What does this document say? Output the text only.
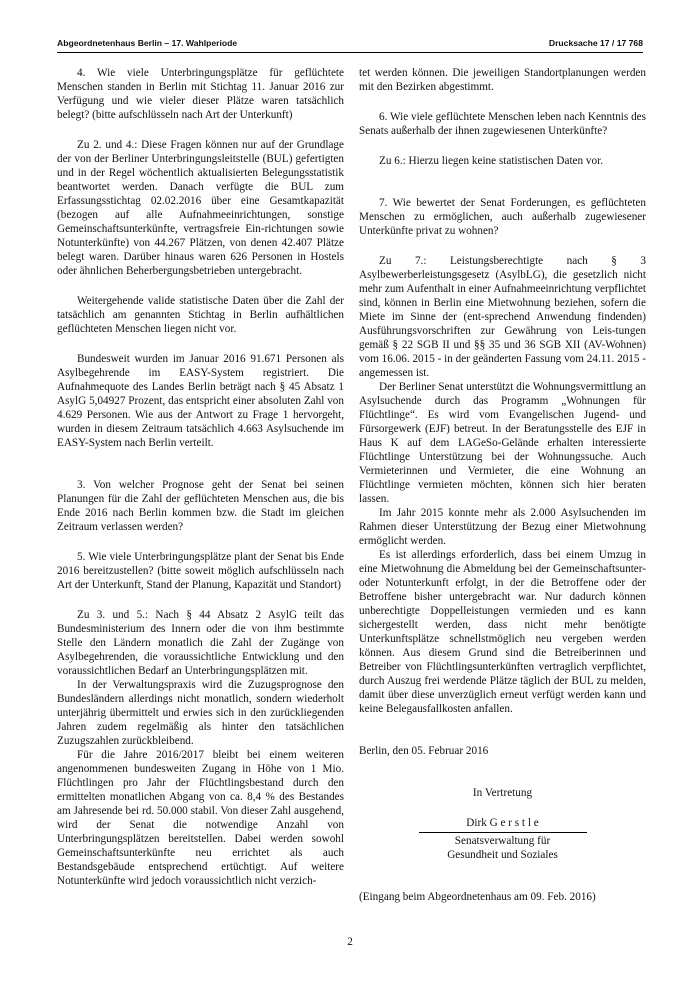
Abgeordnetenhaus Berlin – 17. Wahlperiode	Drucksache 17 / 17 768

4. Wie viele Unterbringungsplätze für geflüchtete Menschen standen in Berlin mit Stichtag 11. Januar 2016 zur Verfügung und wie vieler dieser Plätze waren tatsächlich belegt? (bitte aufschlüsseln nach Art der Unterkunft)

Zu 2. und 4.: Diese Fragen können nur auf der Grundlage der von der Berliner Unterbringungsleitstelle (BUL) gefertigten und in der Regel wöchentlich aktualisierten Belegungsstatistik beantwortet werden. Danach verfügte die BUL zum Erfassungsstichtag 02.02.2016 über eine Gesamtkapazität (bezogen auf alle Aufnahmeeinrichtungen, sonstige Gemeinschaftsunterkünfte, vertragsfreie Ein-richtungen sowie Notunterkünfte) von 44.267 Plätzen, von denen 42.407 Plätze belegt waren. Darüber hinaus waren 626 Personen in Hostels oder ähnlichen Beherbergungsbetrieben untergebracht.

Weitergehende valide statistische Daten über die Zahl der tatsächlich am genannten Stichtag in Berlin aufhältlichen geflüchteten Menschen liegen nicht vor.

Bundesweit wurden im Januar 2016 91.671 Personen als Asylbegehrende im EASY-System registriert. Die Aufnahmequote des Landes Berlin beträgt nach § 45 Absatz 1 AsylG 5,04927 Prozent, das entspricht einer absoluten Zahl von 4.629 Personen. Wie aus der Antwort zu Frage 1 hervorgeht, wurden in diesem Zeitraum tatsächlich 4.663 Asylsuchende im EASY-System nach Berlin verteilt.

3. Von welcher Prognose geht der Senat bei seinen Planungen für die Zahl der geflüchteten Menschen aus, die bis Ende 2016 nach Berlin kommen bzw. die Stadt im gleichen Zeitraum verlassen werden?

5. Wie viele Unterbringungsplätze plant der Senat bis Ende 2016 bereitzustellen? (bitte soweit möglich aufschlüsseln nach Art der Unterkunft, Stand der Planung, Kapazität und Standort)

Zu 3. und 5.: Nach § 44 Absatz 2 AsylG teilt das Bundesministerium des Innern oder die von ihm bestimmte Stelle den Ländern monatlich die Zahl der Zugänge von Asylbegehrenden, die voraussichtliche Entwicklung und den voraussichtlichen Bedarf an Unterbringungsplätzen mit.

In der Verwaltungspraxis wird die Zuzugsprognose den Bundesländern allerdings nicht monatlich, sondern wiederholt unterjährig übermittelt und erwies sich in den zurückliegenden Jahren zudem regelmäßig als hinter den tatsächlichen Zuzugszahlen zurückbleibend.

Für die Jahre 2016/2017 bleibt bei einem weiteren angenommenen bundesweiten Zugang in Höhe von 1 Mio. Flüchtlingen pro Jahr der Flüchtlingsbestand durch den ermittelten monatlichen Abgang von ca. 8,4 % des Bestandes am Jahresende bei rd. 50.000 stabil. Von dieser Zahl ausgehend, wird der Senat die notwendige Anzahl von Unterbringungsplätzen bereitstellen. Dabei werden sowohl Gemeinschaftsunterkünfte neu errichtet als auch Bestandsgebäude entsprechend ertüchtigt. Auf weitere Notunterkünfte wird jedoch voraussichtlich nicht verzich-

tet werden können. Die jeweiligen Standortplanungen werden mit den Bezirken abgestimmt.

6. Wie viele geflüchtete Menschen leben nach Kenntnis des Senats außerhalb der ihnen zugewiesenen Unterkünfte?

Zu 6.: Hierzu liegen keine statistischen Daten vor.

7. Wie bewertet der Senat Forderungen, es geflüchteten Menschen zu ermöglichen, auch außerhalb zugewiesener Unterkünfte privat zu wohnen?

Zu 7.: Leistungsberechtigte nach § 3 Asylbewerberleistungsgesetz (AsylbLG), die gesetzlich nicht mehr zum Aufenthalt in einer Aufnahmeeinrichtung verpflichtet sind, können in Berlin eine Mietwohnung beziehen, sofern die Miete im Sinne der (ent-sprechend Anwendung findenden) Ausführungsvorschriften zur Gewährung von Leis-tungen gemäß § 22 SGB II und §§ 35 und 36 SGB XII (AV-Wohnen) vom 16.06. 2015 - in der geänderten Fassung vom 24.11. 2015 - angemessen ist.

Der Berliner Senat unterstützt die Wohnungsvermittlung an Asylsuchende durch das Programm „Wohnungen für Flüchtlinge“. Es wird vom Evangelischen Jugend- und Fürsorgewerk (EJF) betreut. In der Beratungsstelle des EJF in Haus K auf dem LAGeSo-Gelände erhalten interessierte Flüchtlinge Unterstützung bei der Wohnungssuche. Auch Vermieterinnen und Vermieter, die eine Wohnung an Flüchtlinge vermieten möchten, können sich hier beraten lassen.

Im Jahr 2015 konnte mehr als 2.000 Asylsuchenden im Rahmen dieser Unterstützung der Bezug einer Mietwohnung ermöglicht werden.

Es ist allerdings erforderlich, dass bei einem Umzug in eine Mietwohnung die Abmeldung bei der Gemeinschaftsunter- oder Notunterkunft erfolgt, in der die Betroffene oder der Betroffene bisher untergebracht war. Nur dadurch können unberechtigte Doppelleistungen vermieden und es kann sichergestellt werden, dass nicht mehr benötigte Unterkunftsplätze schnellstmöglich neu vergeben werden können. Aus diesem Grund sind die Betreiberinnen und Betreiber von Flüchtlingsunterkünften vertraglich verpflichtet, durch Auszug frei werdende Plätze täglich der BUL zu melden, damit über diese unverzüglich erneut verfügt werden kann und keine Belegausfallkosten anfallen.

Berlin, den 05. Februar 2016

In Vertretung

Dirk G e r s t l e

Senatsverwaltung für

Gesundheit und Soziales

(Eingang beim Abgeordnetenhaus am 09. Feb. 2016)

2
